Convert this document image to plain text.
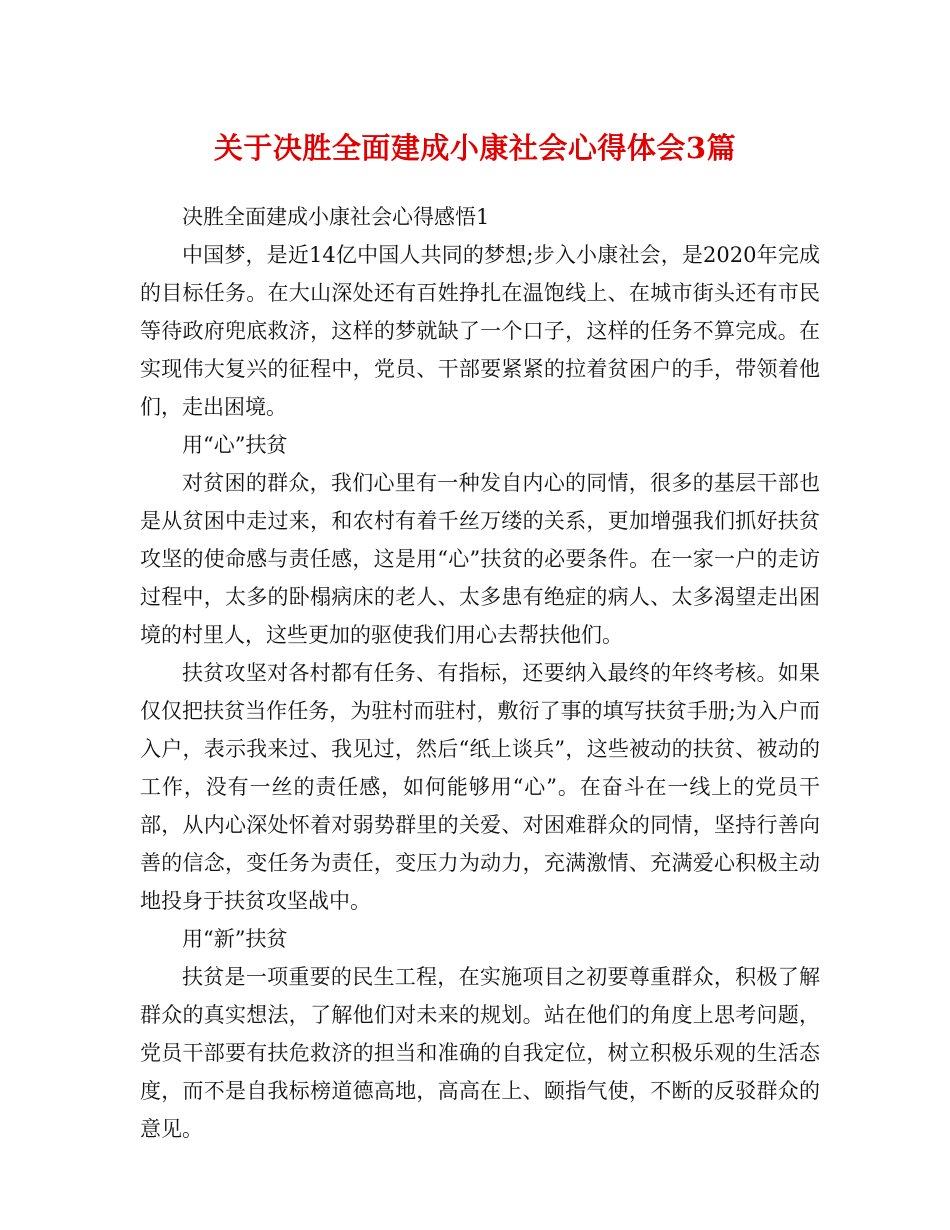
关于决胜全面建成小康社会心得体会3篇

决胜全面建成小康社会心得感悟1

中国梦，是近14亿中国人共同的梦想;步入小康社会，是2020年完成的目标任务。在大山深处还有百姓挣扎在温饱线上、在城市街头还有市民等待政府兜底救济，这样的梦就缺了一个口子，这样的任务不算完成。在实现伟大复兴的征程中，党员、干部要紧紧的拉着贫困户的手，带领着他们，走出困境。

用“心”扶贫

对贫困的群众，我们心里有一种发自内心的同情，很多的基层干部也是从贫困中走过来，和农村有着千丝万缕的关系，更加增强我们抓好扶贫攻坚的使命感与责任感，这是用“心”扶贫的必要条件。在一家一户的走访过程中，太多的卧榻病床的老人、太多患有绝症的病人、太多渴望走出困境的村里人，这些更加的驱使我们用心去帮扶他们。

扶贫攻坚对各村都有任务、有指标，还要纳入最终的年终考核。如果仅仅把扶贫当作任务，为驻村而驻村，敷衍了事的填写扶贫手册;为入户而入户，表示我来过、我见过，然后“纸上谈兵”，这些被动的扶贫、被动的工作，没有一丝的责任感，如何能够用“心”。在奋斗在一线上的党员干部，从内心深处怀着对弱势群里的关爱、对困难群众的同情，坚持行善向善的信念，变任务为责任，变压力为动力，充满激情、充满爱心积极主动地投身于扶贫攻坚战中。

用“新”扶贫

扶贫是一项重要的民生工程，在实施项目之初要尊重群众，积极了解群众的真实想法，了解他们对未来的规划。站在他们的角度上思考问题，党员干部要有扶危救济的担当和准确的自我定位，树立积极乐观的生活态度，而不是自我标榜道德高地，高高在上、颐指气使，不断的反驳群众的意见。
